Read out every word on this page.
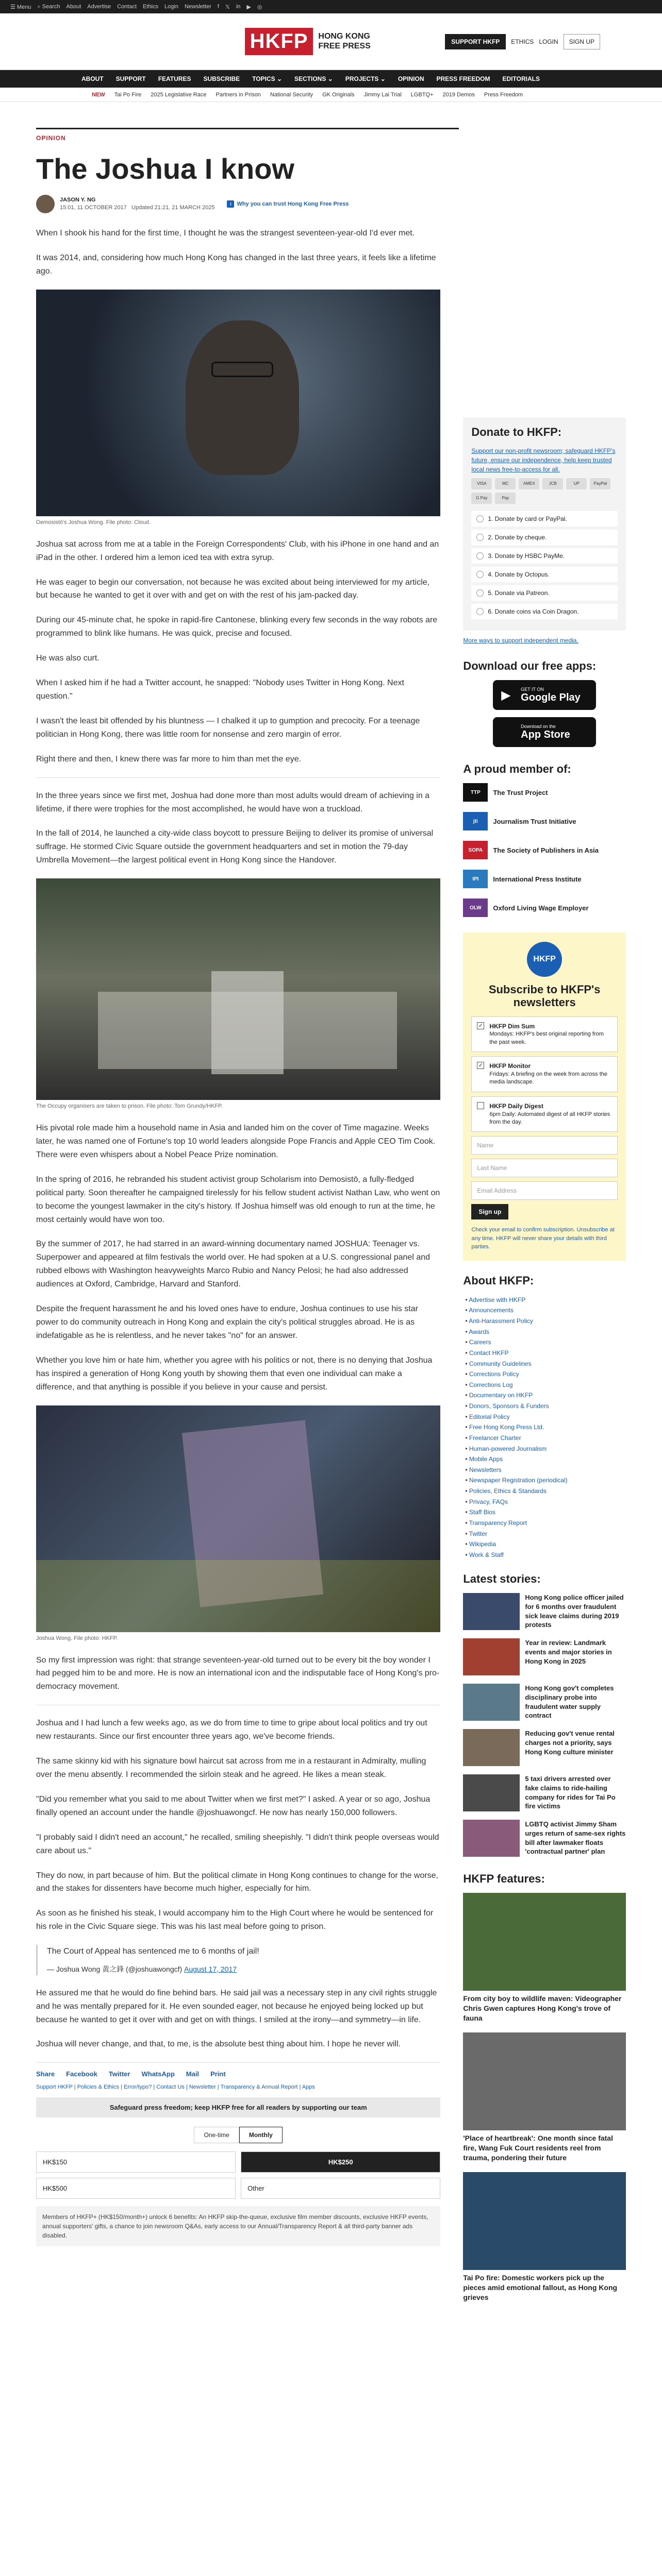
☰ Menu ⌕ Search About Advertise Contact Ethics Login Newsletter f 𝕏 in ▶ ◎
HKFP	HONG KONG
FREE PRESS	SUPPORT HKFP	ETHICS LOGIN	SIGN UP
ABOUT SUPPORT FEATURES SUBSCRIBE TOPICS ⌄ SECTIONS ⌄ PROJECTS ⌄ OPINION PRESS FREEDOM EDITORIALS
NEW Tai Po Fire 2025 Legislative Race Partners in Prison National Security GK Originals Jimmy Lai Trial LGBTQ+ 2019 Demos Press Freedom
OPINION
The Joshua I know
JASON Y. NG
15:01, 11 OCTOBER 2017 Updated 21:21, 21 MARCH 2025
i Why you can trust Hong Kong Free Press

When I shook his hand for the first time, I thought he was the strangest seventeen-year-old I'd ever met.

It was 2014, and, considering how much Hong Kong has changed in the last three years, it feels like a lifetime ago.

Demosistō's Joshua Wong. File photo: Cloud.

Joshua sat across from me at a table in the Foreign Correspondents' Club, with his iPhone in one hand and an iPad in the other. I ordered him a lemon iced tea with extra syrup.

He was eager to begin our conversation, not because he was excited about being interviewed for my article, but because he wanted to get it over with and get on with the rest of his jam-packed day.

During our 45-minute chat, he spoke in rapid-fire Cantonese, blinking every few seconds in the way robots are programmed to blink like humans. He was quick, precise and focused.

He was also curt.

When I asked him if he had a Twitter account, he snapped: "Nobody uses Twitter in Hong Kong. Next question."

I wasn't the least bit offended by his bluntness — I chalked it up to gumption and precocity. For a teenage politician in Hong Kong, there was little room for nonsense and zero margin of error.

Right there and then, I knew there was far more to him than met the eye.

In the three years since we first met, Joshua had done more than most adults would dream of achieving in a lifetime, if there were trophies for the most accomplished, he would have won a truckload.

In the fall of 2014, he launched a city-wide class boycott to pressure Beijing to deliver its promise of universal suffrage. He stormed Civic Square outside the government headquarters and set in motion the 79-day Umbrella Movement—the largest political event in Hong Kong since the Handover.

The Occupy organisers are taken to prison. File photo: Tom Grundy/HKFP.

His pivotal role made him a household name in Asia and landed him on the cover of Time magazine. Weeks later, he was named one of Fortune's top 10 world leaders alongside Pope Francis and Apple CEO Tim Cook. There were even whispers about a Nobel Peace Prize nomination.

In the spring of 2016, he rebranded his student activist group Scholarism into Demosistō, a fully-fledged political party. Soon thereafter he campaigned tirelessly for his fellow student activist Nathan Law, who went on to become the youngest lawmaker in the city's history. If Joshua himself was old enough to run at the time, he most certainly would have won too.

By the summer of 2017, he had starred in an award-winning documentary named JOSHUA: Teenager vs. Superpower and appeared at film festivals the world over. He had spoken at a U.S. congressional panel and rubbed elbows with Washington heavyweights Marco Rubio and Nancy Pelosi; he had also addressed audiences at Oxford, Cambridge, Harvard and Stanford.

Despite the frequent harassment he and his loved ones have to endure, Joshua continues to use his star power to do community outreach in Hong Kong and explain the city's political struggles abroad. He is as indefatigable as he is relentless, and he never takes "no" for an answer.

Whether you love him or hate him, whether you agree with his politics or not, there is no denying that Joshua has inspired a generation of Hong Kong youth by showing them that even one individual can make a difference, and that anything is possible if you believe in your cause and persist.

Joshua Wong. File photo: HKFP.

So my first impression was right: that strange seventeen-year-old turned out to be every bit the boy wonder I had pegged him to be and more. He is now an international icon and the indisputable face of Hong Kong's pro-democracy movement.

Joshua and I had lunch a few weeks ago, as we do from time to time to gripe about local politics and try out new restaurants. Since our first encounter three years ago, we've become friends.

The same skinny kid with his signature bowl haircut sat across from me in a restaurant in Admiralty, mulling over the menu absently. I recommended the sirloin steak and he agreed. He likes a mean steak.

"Did you remember what you said to me about Twitter when we first met?" I asked. A year or so ago, Joshua finally opened an account under the handle @joshuawongcf. He now has nearly 150,000 followers.

"I probably said I didn't need an account," he recalled, smiling sheepishly. "I didn't think people overseas would care about us."

They do now, in part because of him. But the political climate in Hong Kong continues to change for the worse, and the stakes for dissenters have become much higher, especially for him.

As soon as he finished his steak, I would accompany him to the High Court where he would be sentenced for his role in the Civic Square siege. This was his last meal before going to prison.

The Court of Appeal has sentenced me to 6 months of jail!

— Joshua Wong 黃之鋒 (@joshuawongcf) August 17, 2017

He assured me that he would do fine behind bars. He said jail was a necessary step in any civil rights struggle and he was mentally prepared for it. He even sounded eager, not because he enjoyed being locked up but because he wanted to get it over with and get on with things. I smiled at the irony—and symmetry—in life.

Joshua will never change, and that, to me, is the absolute best thing about him. I hope he never will.

Share Facebook Twitter WhatsApp Mail Print
Support HKFP | Policies & Ethics | Error/typo? | Contact Us | Newsletter | Transparency & Annual Report | Apps
Safeguard press freedom; keep HKFP free for all readers by supporting our team
One-time	Monthly
HK$150	HK$250
HK$500	Other
Members of HKFP+ (HK$150/month+) unlock 6 benefits: An HKFP skip-the-queue, exclusive film member discounts, exclusive HKFP events, annual supporters' gifts, a chance to join newsroom Q&As, early access to our Annual/Transparency Report & all third-party banner ads disabled.
Donate to HKFP:
Support our non-profit newsroom; safeguard HKFP's future, ensure our independence, help keep trusted local news free-to-access for all.
VISA	MC	AMEX	JCB	UP	PayPal
G Pay	Pay
1. Donate by card or PayPal.
2. Donate by cheque.
3. Donate by HSBC PayMe.
4. Donate by Octopus.
5. Donate via Patreon.
6. Donate coins via Coin Dragon.
More ways to support independent media.
Download our free apps:
▶ GET IT ON
Google Play
Download on the
App Store
A proud member of:
TTP	The Trust Project
jti	Journalism Trust Initiative
SOPA	The Society of Publishers in Asia
IPI	International Press Institute
OLW	Oxford Living Wage Employer
HKFP
Subscribe to HKFP's newsletters
✓ HKFP Dim Sum
Mondays: HKFP's best original reporting from the past week.
✓ HKFP Monitor
Fridays: A briefing on the week from across the media landscape.
HKFP Daily Digest
6pm Daily: Automated digest of all HKFP stories from the day.
Name
Last Name
Email Address
Sign up
Check your email to confirm subscription. Unsubscribe at any time. HKFP will never share your details with third parties.
About HKFP:
• Advertise with HKFP
• Announcements
• Anti-Harassment Policy
• Awards
• Careers
• Contact HKFP
• Community Guidelines
• Corrections Policy
• Corrections Log
• Documentary on HKFP
• Donors, Sponsors & Funders
• Editorial Policy
• Free Hong Kong Press Ltd.
• Freelancer Charter
• Human-powered Journalism
• Mobile Apps
• Newsletters
• Newspaper Registration (periodical)
• Policies, Ethics & Standards
• Privacy, FAQs
• Staff Bios
• Transparency Report
• Twitter
• Wikipedia
• Work & Staff
Latest stories:
Hong Kong police officer jailed for 6 months over fraudulent sick leave claims during 2019 protests
Year in review: Landmark events and major stories in Hong Kong in 2025
Hong Kong gov't completes disciplinary probe into fraudulent water supply contract
Reducing gov't venue rental charges not a priority, says Hong Kong culture minister
5 taxi drivers arrested over fake claims to ride-hailing company for rides for Tai Po fire victims
LGBTQ activist Jimmy Sham urges return of same-sex rights bill after lawmaker floats 'contractual partner' plan
HKFP features:
From city boy to wildlife maven: Videographer Chris Gwen captures Hong Kong's trove of fauna
'Place of heartbreak': One month since fatal fire, Wang Fuk Court residents reel from trauma, pondering their future
Tai Po fire: Domestic workers pick up the pieces amid emotional fallout, as Hong Kong grieves
